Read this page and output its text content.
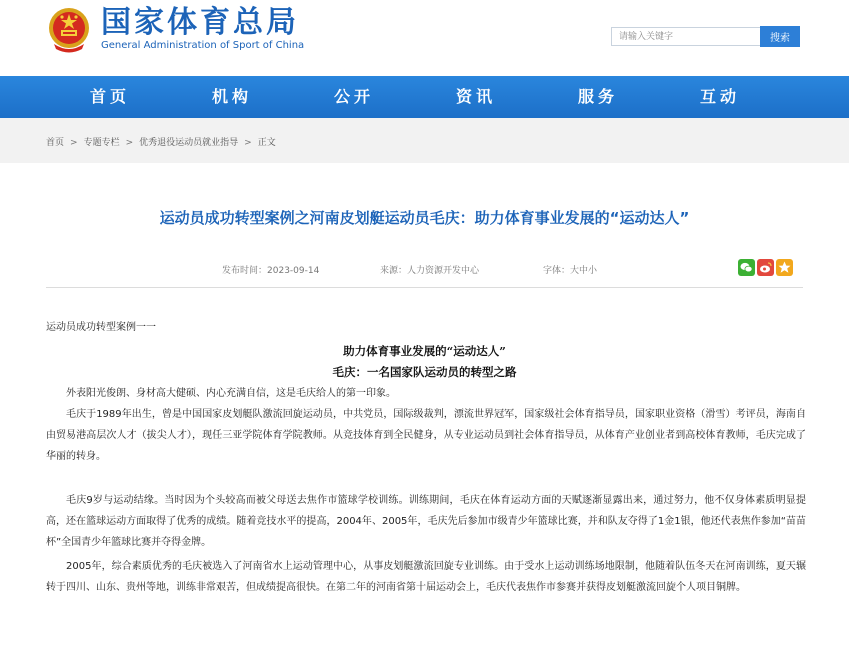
国家体育总局
General Administration of Sport of China
请输入关键字
搜索
首页	机构	公开	资讯	服务	互动
首页 > 专题专栏 > 优秀退役运动员就业指导 > 正文
运动员成功转型案例之河南皮划艇运动员毛庆：助力体育事业发展的“运动达人”
发布时间：2023-09-14	来源：人力资源开发中心	字体：大中小
运动员成功转型案例一一
助力体育事业发展的“运动达人”
毛庆：一名国家队运动员的转型之路
外表阳光俊朗、身材高大健硕、内心充满自信，这是毛庆给人的第一印象。
毛庆于1989年出生，曾是中国国家皮划艇队激流回旋运动员，中共党员，国际级裁判，漂流世界冠军，国家级社会体育指导员，国家职业资格（滑雪）考评员，海南自由贸易港高层次人才（拔尖人才），现任三亚学院体育学院教师。从竞技体育到全民健身，从专业运动员到社会体育指导员，从体育产业创业者到高校体育教师，毛庆完成了华丽的转身。
毛庆9岁与运动结缘。当时因为个头较高而被父母送去焦作市篮球学校训练。训练期间，毛庆在体育运动方面的天赋逐渐显露出来，通过努力，他不仅身体素质明显提高，还在篮球运动方面取得了优秀的成绩。随着竞技水平的提高，2004年、2005年，毛庆先后参加市级青少年篮球比赛，并和队友夺得了1金1银，他还代表焦作参加“苗苗杯”全国青少年篮球比赛并夺得金牌。
2005年，综合素质优秀的毛庆被选入了河南省水上运动管理中心，从事皮划艇激流回旋专业训练。由于受水上运动训练场地限制，他随着队伍冬天在河南训练，夏天辗转于四川、山东、贵州等地，训练非常艰苦，但成绩提高很快。在第二年的河南省第十届运动会上，毛庆代表焦作市参赛并获得皮划艇激流回旋个人项目铜牌。
